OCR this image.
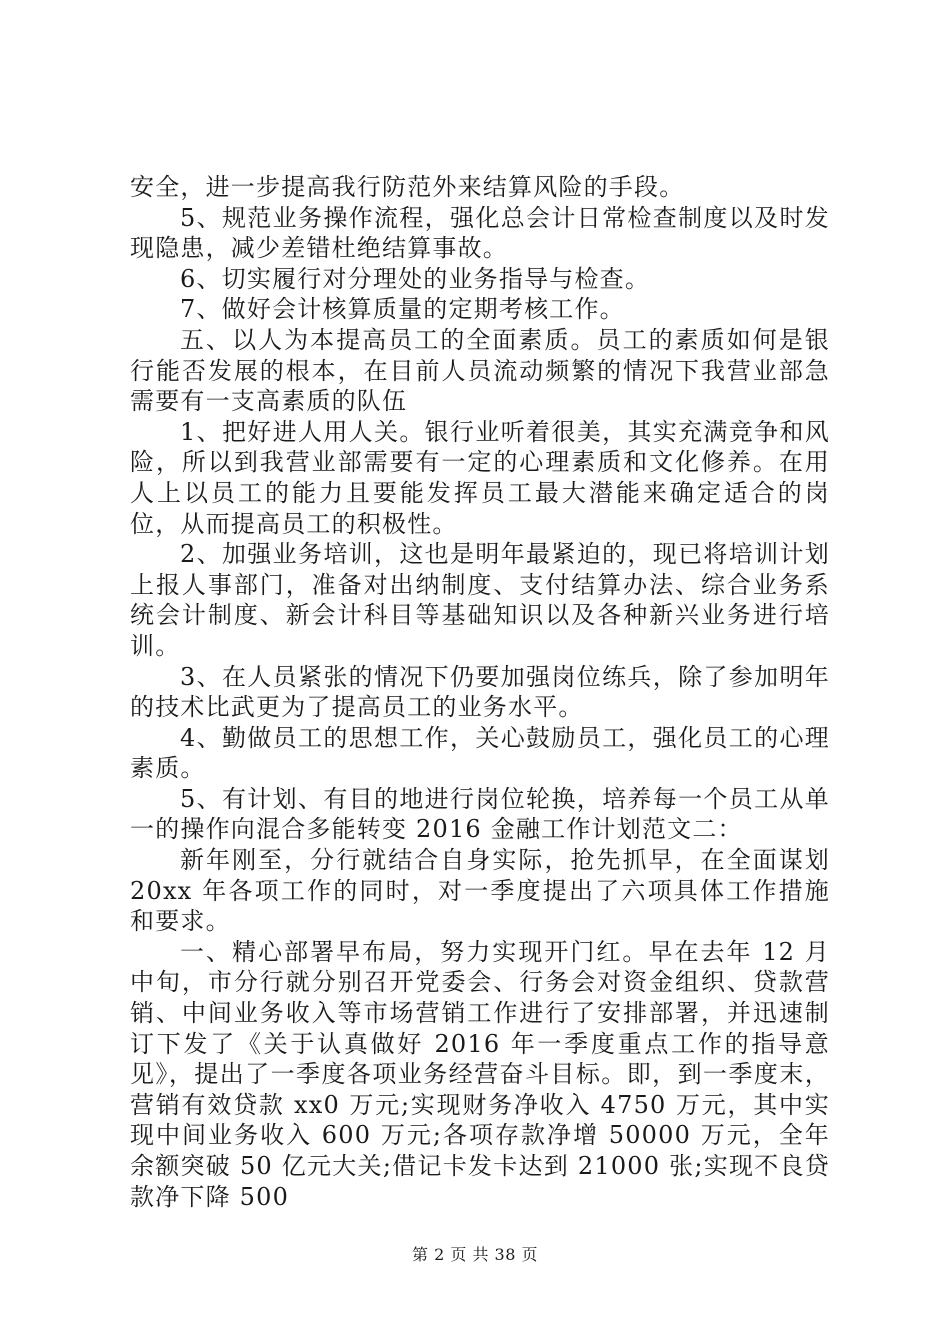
安全，进一步提高我行防范外来结算风险的手段。

5、规范业务操作流程，强化总会计日常检查制度以及时发现隐患，减少差错杜绝结算事故。

6、切实履行对分理处的业务指导与检查。

7、做好会计核算质量的定期考核工作。

五、以人为本提高员工的全面素质。员工的素质如何是银行能否发展的根本，在目前人员流动频繁的情况下我营业部急需要有一支高素质的队伍

1、把好进人用人关。银行业听着很美，其实充满竞争和风险，所以到我营业部需要有一定的心理素质和文化修养。在用人上以员工的能力且要能发挥员工最大潜能来确定适合的岗位，从而提高员工的积极性。

2、加强业务培训，这也是明年最紧迫的，现已将培训计划上报人事部门，准备对出纳制度、支付结算办法、综合业务系统会计制度、新会计科目等基础知识以及各种新兴业务进行培训。

3、在人员紧张的情况下仍要加强岗位练兵，除了参加明年的技术比武更为了提高员工的业务水平。

4、勤做员工的思想工作，关心鼓励员工，强化员工的心理素质。

5、有计划、有目的地进行岗位轮换，培养每一个员工从单一的操作向混合多能转变 2016 金融工作计划范文二：

新年刚至，分行就结合自身实际，抢先抓早，在全面谋划 20xx 年各项工作的同时，对一季度提出了六项具体工作措施和要求。

一、精心部署早布局，努力实现开门红。早在去年 12 月中旬，市分行就分别召开党委会、行务会对资金组织、贷款营销、中间业务收入等市场营销工作进行了安排部署，并迅速制订下发了《关于认真做好 2016 年一季度重点工作的指导意见》，提出了一季度各项业务经营奋斗目标。即，到一季度末，营销有效贷款 xx0 万元;实现财务净收入 4750 万元，其中实现中间业务收入 600 万元;各项存款净增 50000 万元，全年余额突破 50 亿元大关;借记卡发卡达到 21000 张;实现不良贷款净下降 500

第 2 页 共 38 页
